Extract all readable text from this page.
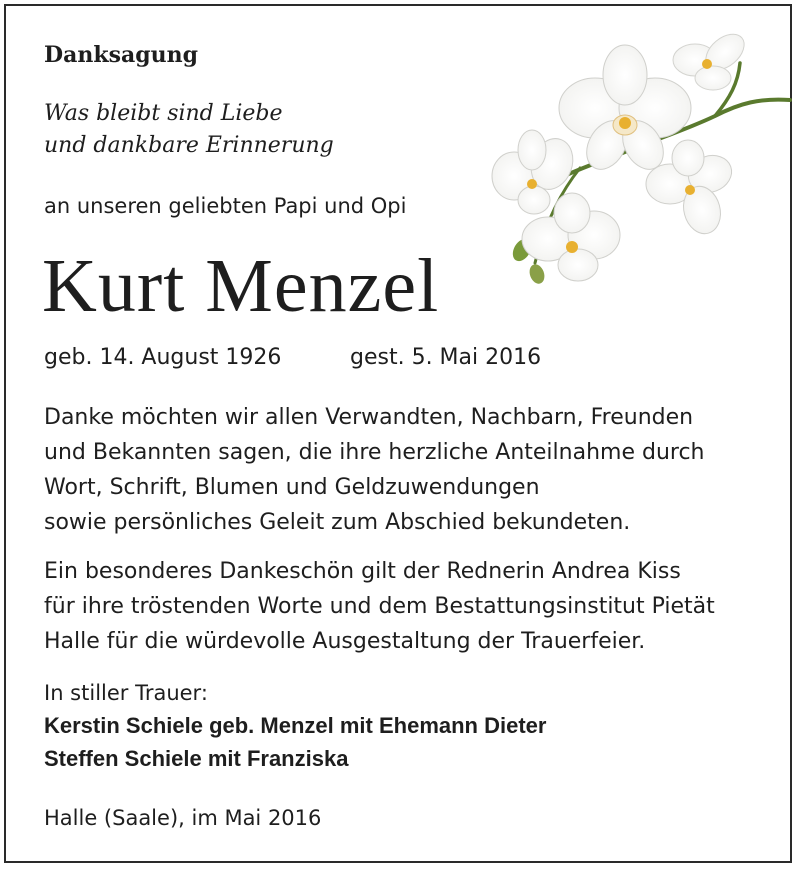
Danksagung
Was bleibt sind Liebe
und dankbare Erinnerung
an unseren geliebten Papi und Opi
Kurt Menzel
geb. 14. August 1926	gest. 5. Mai 2016
Danke möchten wir allen Verwandten, Nachbarn, Freunden
und Bekannten sagen, die ihre herzliche Anteilnahme durch
Wort, Schrift, Blumen und Geldzuwendungen
sowie persönliches Geleit zum Abschied bekundeten.
Ein besonderes Dankeschön gilt der Rednerin Andrea Kiss
für ihre tröstenden Worte und dem Bestattungsinstitut Pietät
Halle für die würdevolle Ausgestaltung der Trauerfeier.
In stiller Trauer:
Kerstin Schiele geb. Menzel mit Ehemann Dieter
Steffen Schiele mit Franziska
Halle (Saale), im Mai 2016
